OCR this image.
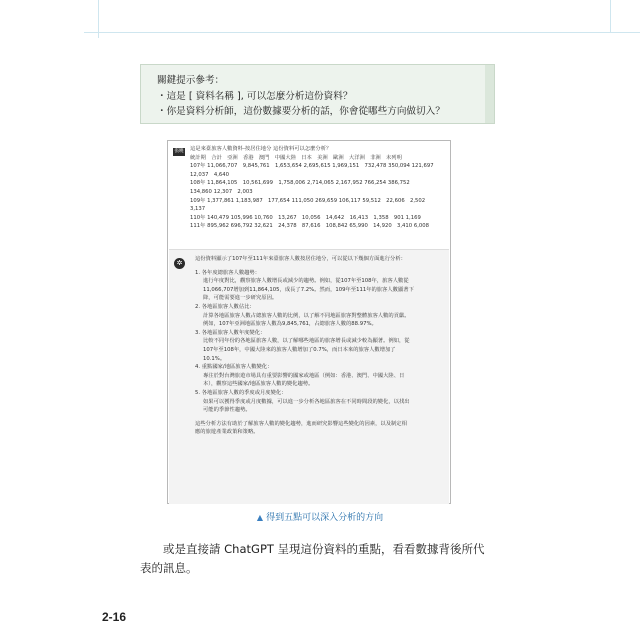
關鍵提示參考：
・這是 [ 資料名稱 ], 可以怎麼分析這份資料？
・你是資料分析師，這份數據要分析的話，你會從哪些方向做切入？
張曉 這是來臺旅客人數資料-按居住地分 這份資料可以怎麼分析？
統計期　合計　亞洲　香港　澳門　中國大陸　日本　美洲　歐洲　大洋洲　非洲　未列明
107年 11,066,707　9,845,761　1,653,654 2,695,615 1,969,151　732,478 350,094 121,697
12,037　4,640
108年 11,864,105　10,561,699　1,758,006 2,714,065 2,167,952 766,254 386,752
134,860 12,307　2,003
109年 1,377,861 1,183,987　177,654 111,050 269,659 106,117 59,512　22,606　2,502
3,137
110年 140,479 105,996 10,760　13,267　10,056　14,642　16,413　1,358　901 1,169
111年 895,962 696,792 32,621　24,378　87,616　108,842 65,990　14,920　3,410 6,008
✲	這份資料顯示了107年至111年來臺旅客人數按居住地分，可以從以下幾個方面進行分析：
1. 各年度總旅客人數趨勢：
進行年度對比，觀察旅客人數增長或減少的趨勢。例如，從107年至108年，旅客人數從
11,066,707增加到11,864,105，成長了7.2%。然而，109年至111年的旅客人數顯著下
降，可能需要進一步研究原因。
2. 各地區旅客人數佔比：
計算各地區旅客人數占總旅客人數的比例，以了解不同地區旅客對整體旅客人數的貢獻。
例如，107年亞洲地區旅客人數為9,845,761，占總旅客人數的88.97%。
3. 各地區旅客人數年度變化：
比較不同年份的各地區旅客人數，以了解哪些地區的旅客增長或減少較為顯著。例如，從
107年至108年，中國大陸來的旅客人數增加了0.7%，而日本來的旅客人數增加了
10.1%。
4. 重點國家/地區旅客人數變化：
專注於對台灣旅遊市場具有重要影響的國家或地區（例如：香港、澳門、中國大陸、日
本），觀察這些國家/地區旅客人數的變化趨勢。
5. 各地區旅客人數的季度或月度變化：
如果可以獲得季度或月度數據，可以進一步分析各地區旅客在不同時間段的變化，以找出
可能的季節性趨勢。
這些分析方法有助於了解旅客人數的變化趨勢，進而研究影響這些變化的因素，以及制定相
應的旅遊產業政策和策略。
▲ 得到五點可以深入分析的方向
或是直接請 ChatGPT 呈現這份資料的重點，看看數據背後所代表的訊息。
2-16
